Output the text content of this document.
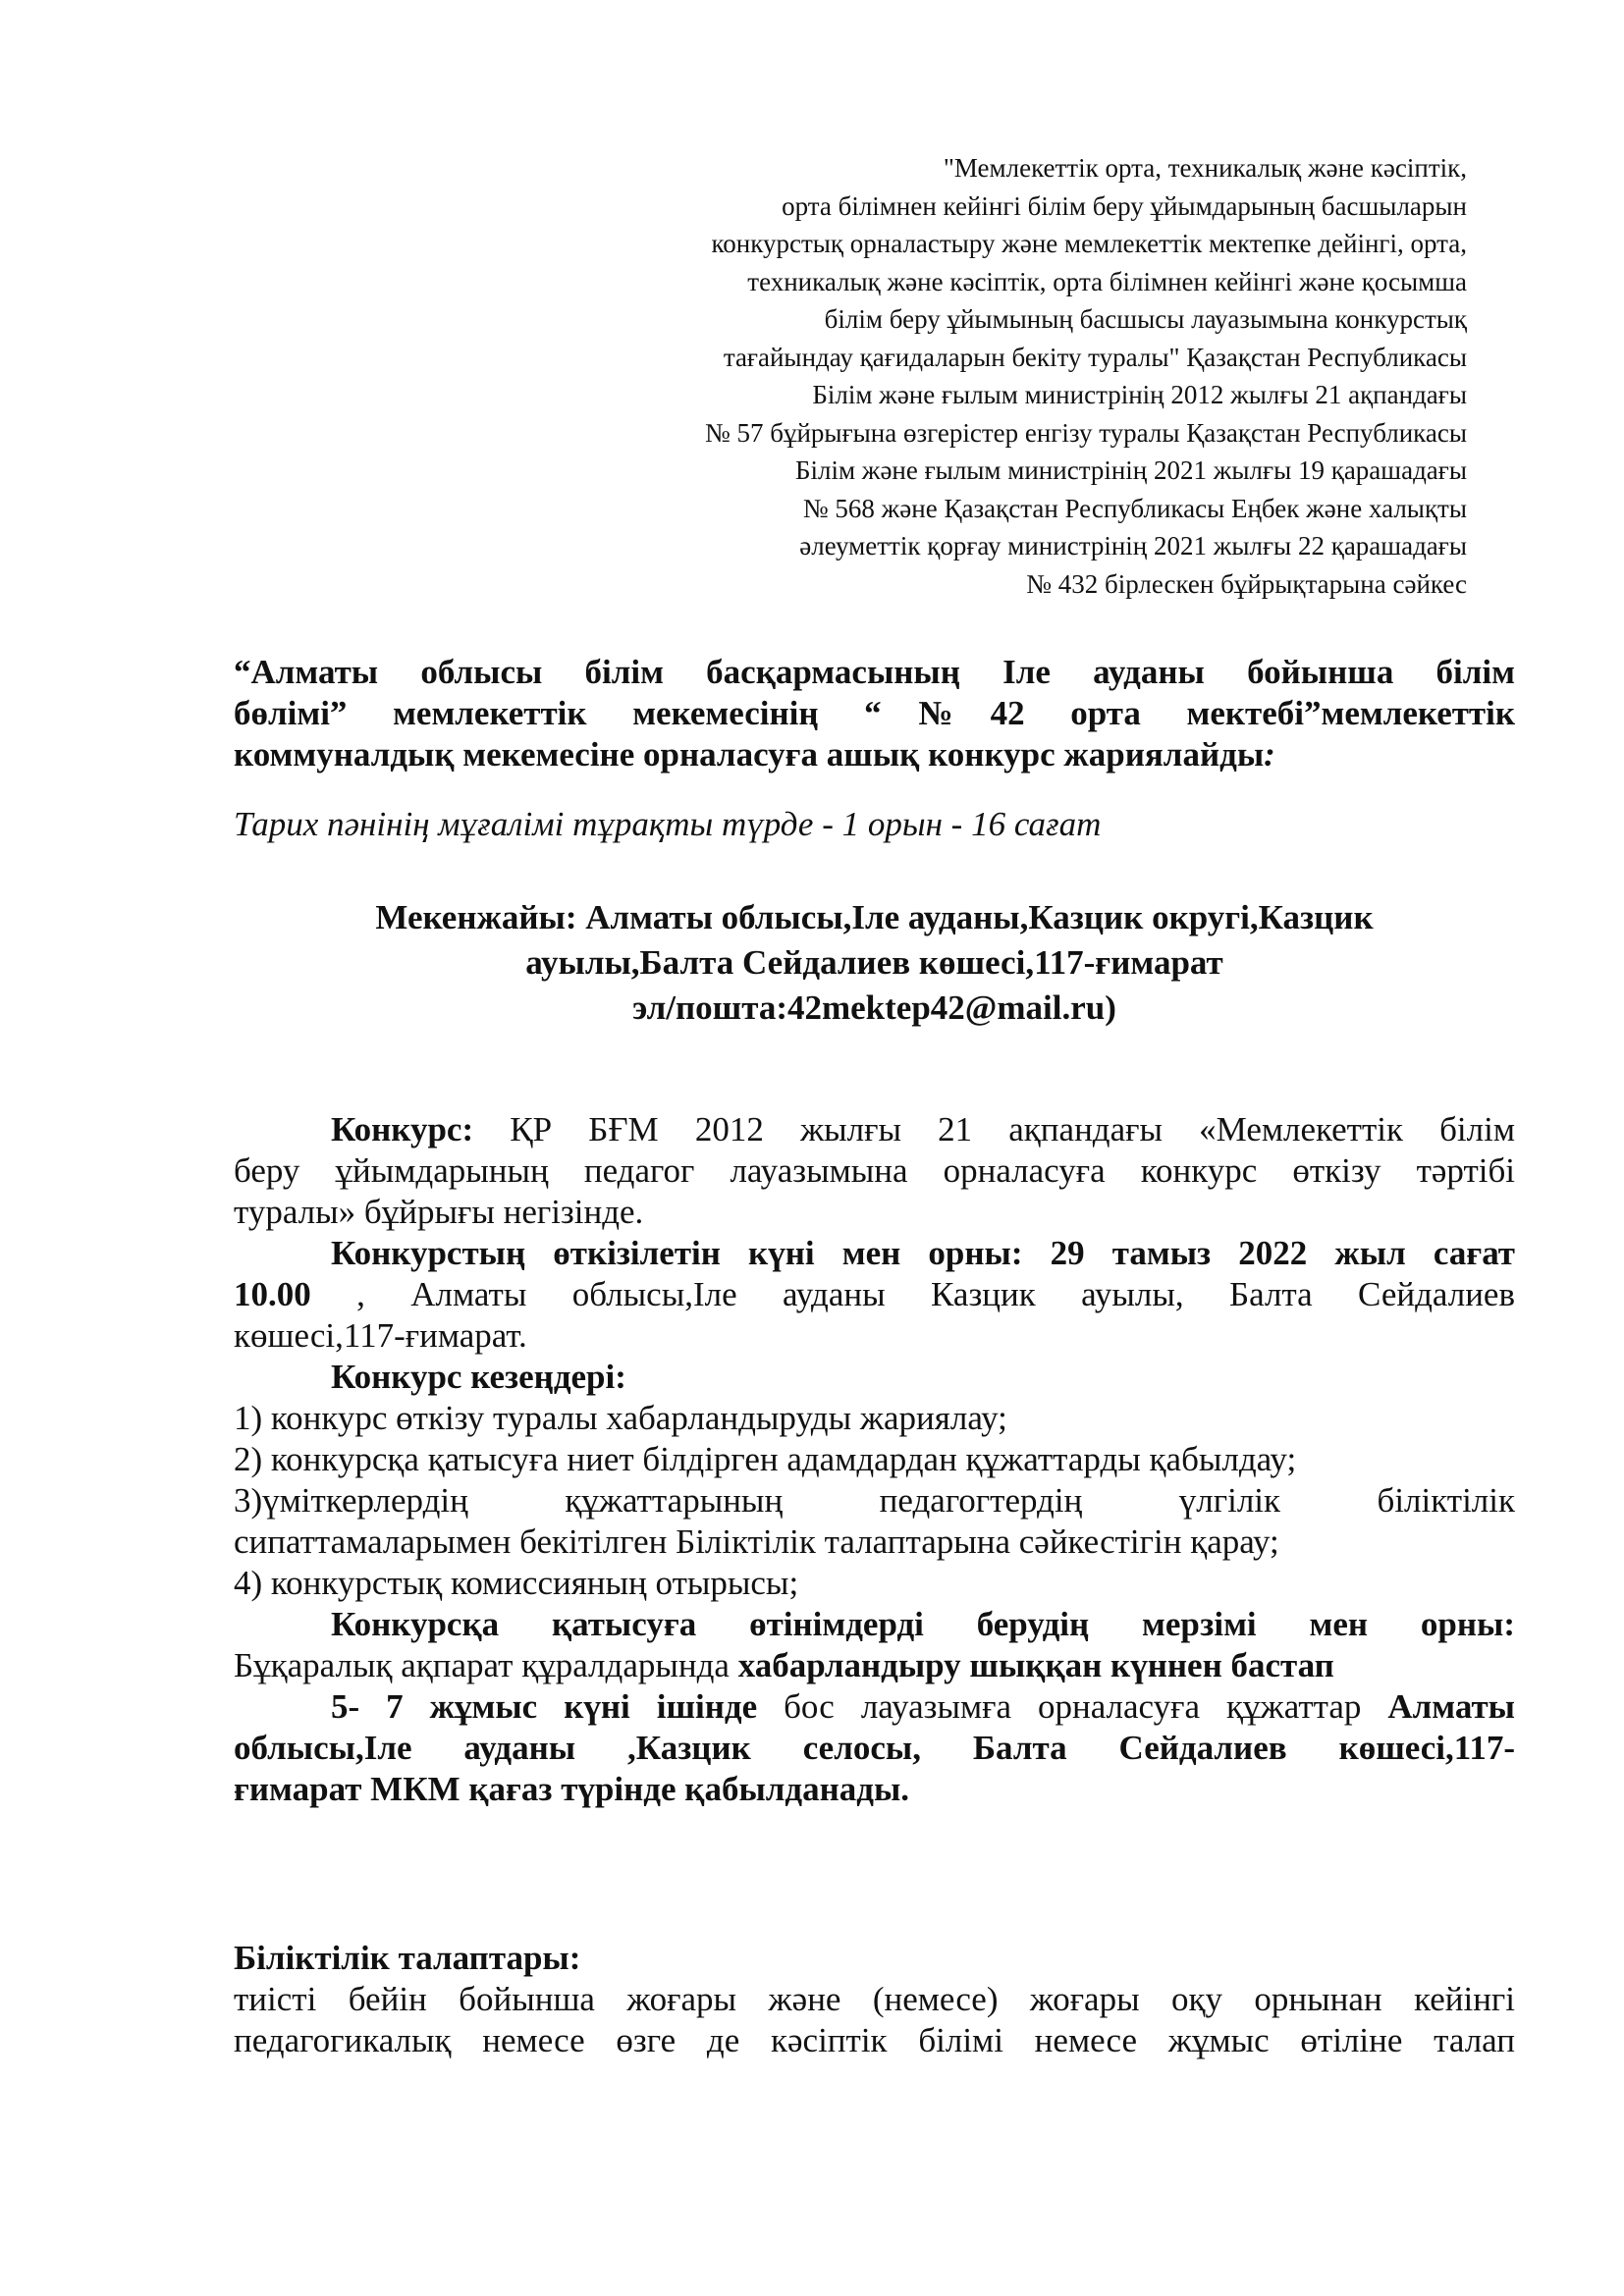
"Мемлекеттік орта, техникалық және кәсіптік,
орта білімнен кейінгі білім беру ұйымдарының басшыларын
конкурстық орналастыру және мемлекеттік мектепке дейінгі, орта,
техникалық және кәсіптік, орта білімнен кейінгі және қосымша
білім беру ұйымының басшысы лауазымына конкурстық
тағайындау қағидаларын бекіту туралы" Қазақстан Республикасы
Білім және ғылым министрінің 2012 жылғы 21 ақпандағы
№ 57 бұйрығына өзгерістер енгізу туралы Қазақстан Республикасы
Білім және ғылым министрінің 2021 жылғы 19 қарашадағы
№ 568 және Қазақстан Республикасы Еңбек және халықты
әлеуметтік қорғау министрінің 2021 жылғы 22 қарашадағы
№ 432 бірлескен бұйрықтарына сәйкес
“Алматы облысы білім басқармасының Іле ауданы бойынша білім
бөлімі” мемлекеттік мекемесінің “№42 орта мектебі”мемлекеттік
коммуналдық мекемесіне орналасуға ашық конкурс жариялайды:

Тарих пәнінің мұғалімі тұрақты түрде - 1 орын - 16 сағат

Мекенжайы: Алматы облысы,Іле ауданы,Казцик округі,Казцик
ауылы,Балта Сейдалиев көшесі,117-ғимарат
эл/пошта:42mektep42@mail.ru)
Конкурс: ҚР БҒМ 2012 жылғы 21 ақпандағы «Мемлекеттік білім
беру ұйымдарының педагог лауазымына орналасуға конкурс өткізу тәртібі
туралы» бұйрығы негізінде.
Конкурстың өткізілетін күні мен орны: 29 тамыз 2022 жыл сағат
10.00 , Алматы облысы,Іле ауданы Казцик ауылы, Балта Сейдалиев
көшесі,117-ғимарат.
Конкурс кезеңдері:
1) конкурс өткізу туралы хабарландыруды жариялау;
2) конкурсқа қатысуға ниет білдірген адамдардан құжаттарды қабылдау;
3)үміткерлердің құжаттарының педагогтердің үлгілік біліктілік
сипаттамаларымен бекітілген Біліктілік талаптарына сәйкестігін қарау;
4) конкурстық комиссияның отырысы;
Конкурсқа қатысуға өтінімдерді берудің мерзімі мен орны:
Бұқаралық ақпарат құралдарында хабарландыру шыққан күннен бастап
5- 7 жұмыс күні ішінде бос лауазымға орналасуға құжаттар Алматы
облысы,Іле ауданы ,Казцик селосы, Балта Сейдалиев көшесі,117-
ғимарат МКМ қағаз түрінде қабылданады.

Біліктілік талаптары:

тиісті бейін бойынша жоғары және (немесе) жоғары оқу орнынан кейінгі
педагогикалық немесе өзге де кәсіптік білімі немесе жұмыс өтіліне талап
